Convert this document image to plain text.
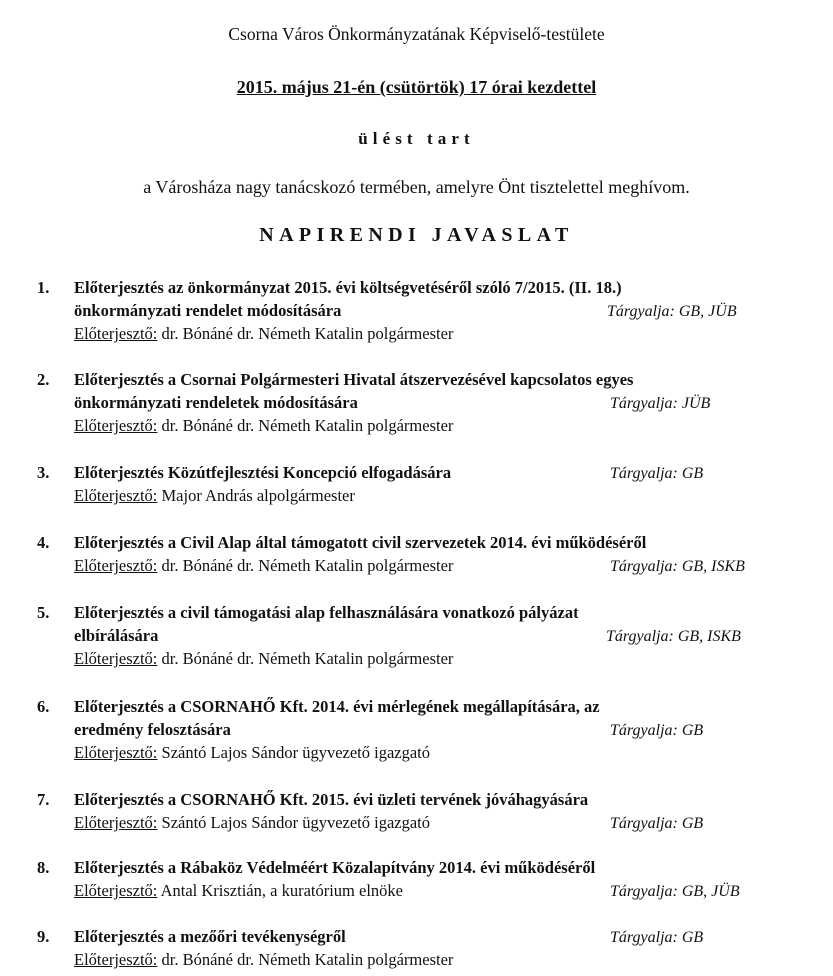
Csorna Város Önkormányzatának Képviselő-testülete
2015. május 21-én (csütörtök) 17 órai kezdettel
ülést tart
a Városháza nagy tanácskozó termében, amelyre Önt tisztelettel meghívom.
NAPIRENDI JAVASLAT
1. Előterjesztés az önkormányzat 2015. évi költségvetéséről szóló 7/2015. (II. 18.)
önkormányzati rendelet módosítására	Tárgyalja: GB, JÜB
Előterjesztő: dr. Bónáné dr. Németh Katalin polgármester
2. Előterjesztés a Csornai Polgármesteri Hivatal átszervezésével kapcsolatos egyes
önkormányzati rendeletek módosítására	Tárgyalja: JÜB
Előterjesztő: dr. Bónáné dr. Németh Katalin polgármester
3. Előterjesztés Közútfejlesztési Koncepció elfogadására	Tárgyalja: GB
Előterjesztő: Major András alpolgármester
4. Előterjesztés a Civil Alap által támogatott civil szervezetek 2014. évi működéséről
Előterjesztő: dr. Bónáné dr. Németh Katalin polgármester	Tárgyalja: GB, ISKB
5. Előterjesztés a civil támogatási alap felhasználására vonatkozó pályázat
elbírálására	Tárgyalja: GB, ISKB
Előterjesztő: dr. Bónáné dr. Németh Katalin polgármester
6. Előterjesztés a CSORNAHŐ Kft. 2014. évi mérlegének megállapítására, az
eredmény felosztására	Tárgyalja: GB
Előterjesztő: Szántó Lajos Sándor ügyvezető igazgató
7. Előterjesztés a CSORNAHŐ Kft. 2015. évi üzleti tervének jóváhagyására
Előterjesztő: Szántó Lajos Sándor ügyvezető igazgató	Tárgyalja: GB
8. Előterjesztés a Rábaköz Védelméért Közalapítvány 2014. évi működéséről
Előterjesztő: Antal Krisztián, a kuratórium elnöke	Tárgyalja: GB, JÜB
9. Előterjesztés a mezőőri tevékenységről	Tárgyalja: GB
Előterjesztő: dr. Bónáné dr. Németh Katalin polgármester
